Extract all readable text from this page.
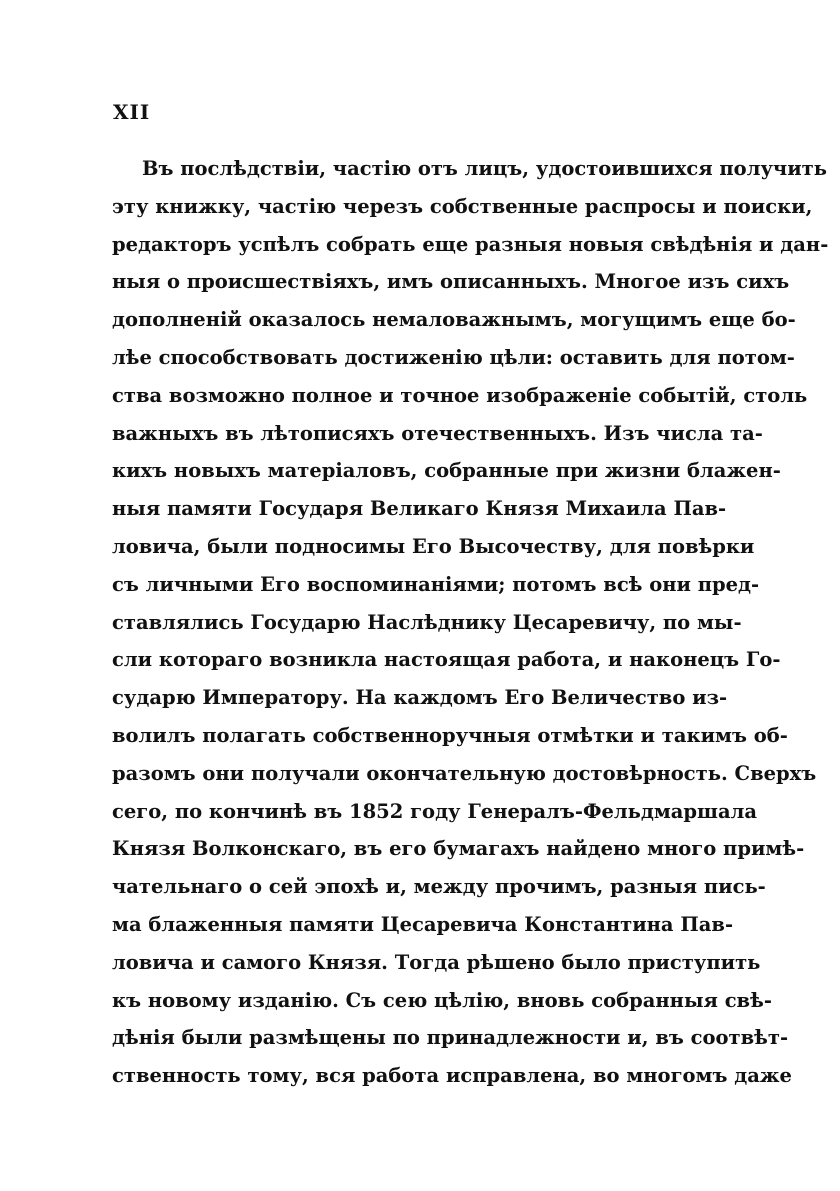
XII
Въ послѣдствіи, частію отъ лицъ, удостоившихся получить
эту книжку, частію черезъ собственные распросы и поиски,
редакторъ успѣлъ собрать еще разныя новыя свѣдѣнія и дан-
ныя о происшествіяхъ, имъ описанныхъ. Многое изъ сихъ
дополненій оказалось немаловажнымъ, могущимъ еще бо-
лѣе способствовать достиженію цѣли: оставить для потом-
ства возможно полное и точное изображеніе событій, столь
важныхъ въ лѣтописяхъ отечественныхъ. Изъ числа та-
кихъ новыхъ матеріаловъ, собранные при жизни блажен-
ныя памяти Государя Великаго Князя Михаила Пав-
ловича, были подносимы Его Высочеству, для повѣрки
съ личными Его воспоминаніями; потомъ всѣ они пред-
ставлялись Государю Наслѣднику Цесаревичу, по мы-
сли котораго возникла настоящая работа, и наконецъ Го-
сударю Императору. На каждомъ Его Величество из-
волилъ полагать собственноручныя отмѣтки и такимъ об-
разомъ они получали окончательную достовѣрность. Сверхъ
сего, по кончинѣ въ 1852 году Генералъ-Фельдмаршала
Князя Волконскаго, въ его бумагахъ найдено много примѣ-
чательнаго о сей эпохѣ и, между прочимъ, разныя пись-
ма блаженныя памяти Цесаревича Константина Пав-
ловича и самого Князя. Тогда рѣшено было приступить
къ новому изданію. Съ сею цѣлію, вновь собранныя свѣ-
дѣнія были размѣщены по принадлежности и, въ соотвѣт-
ственность тому, вся работа исправлена, во многомъ даже
